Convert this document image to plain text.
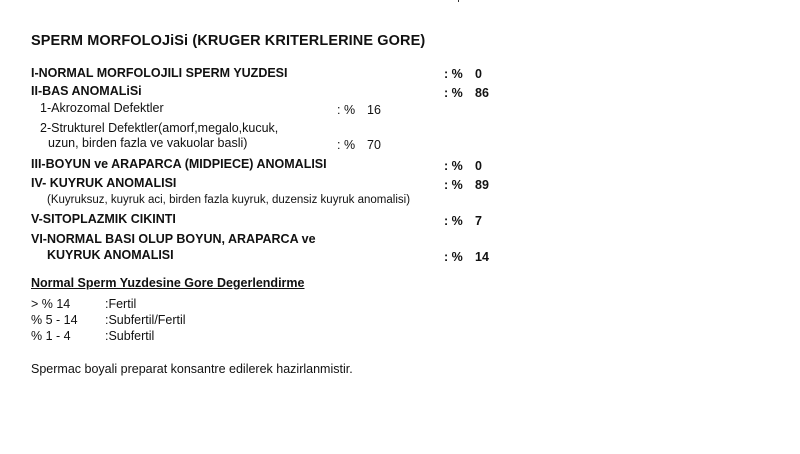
SPERM MORFOLOJiSi (KRUGER KRITERLERINE GORE)
I-NORMAL MORFOLOJILI SPERM YUZDESI	: % 0
II-BAS ANOMALiSi	: % 86
1-Akrozomal Defektler	: % 16
2-Strukturel Defektler(amorf,megalo,kucuk,
uzun, birden fazla ve vakuolar basli)	: % 70
III-BOYUN ve ARAPARCA (MIDPIECE) ANOMALISI	: % 0
IV- KUYRUK ANOMALISI	: % 89
(Kuyruksuz, kuyruk aci, birden fazla kuyruk, duzensiz kuyruk anomalisi)
V-SITOPLAZMIK CIKINTI	: % 7
VI-NORMAL BASI OLUP BOYUN, ARAPARCA ve
KUYRUK ANOMALISI	: % 14
Normal Sperm Yuzdesine Gore Degerlendirme
> % 14	:Fertil
% 5 - 14 :Subfertil/Fertil
% 1 - 4	:Subfertil
Spermac boyali preparat konsantre edilerek hazirlanmistir.
